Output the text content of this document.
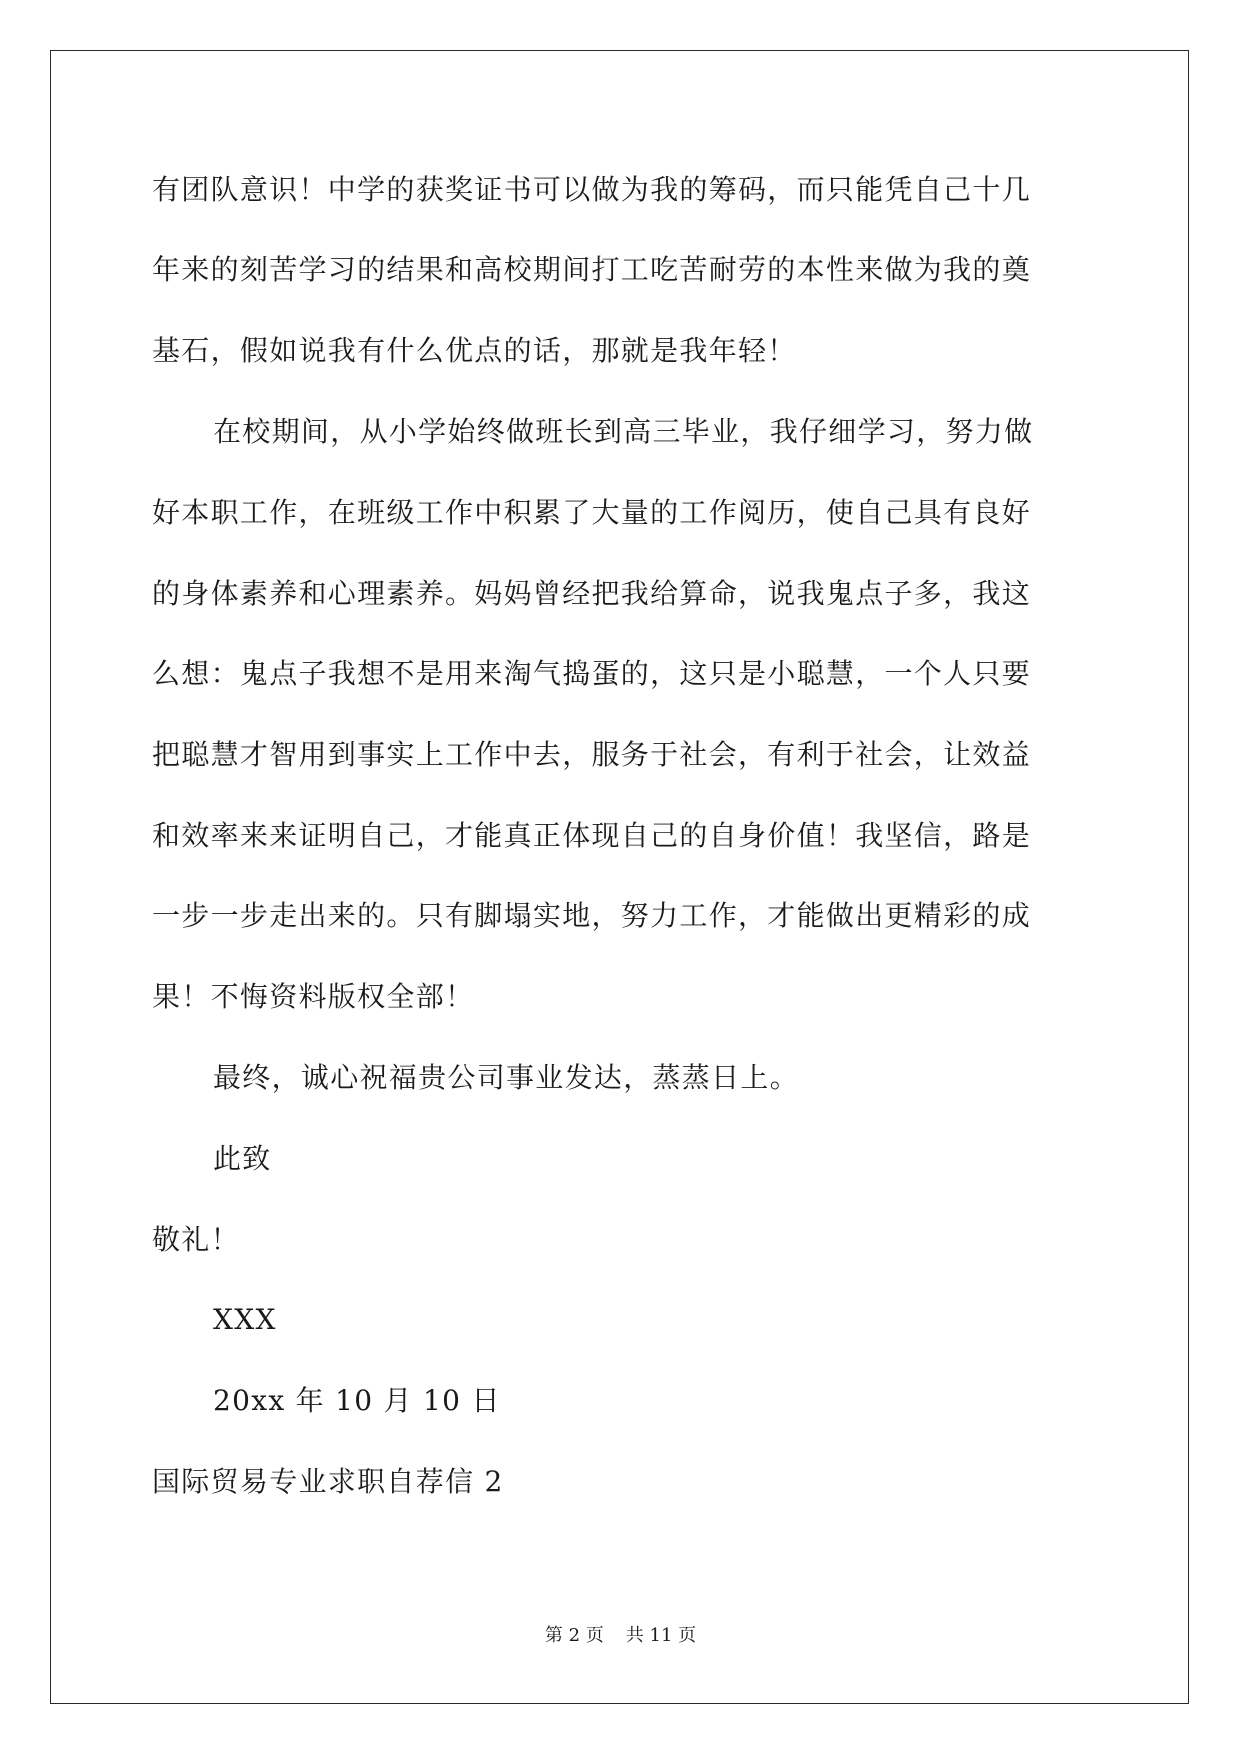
有团队意识！中学的获奖证书可以做为我的筹码，而只能凭自己十几
年来的刻苦学习的结果和高校期间打工吃苦耐劳的本性来做为我的奠
基石，假如说我有什么优点的话，那就是我年轻！
在校期间，从小学始终做班长到高三毕业，我仔细学习，努力做
好本职工作，在班级工作中积累了大量的工作阅历，使自己具有良好
的身体素养和心理素养。妈妈曾经把我给算命，说我鬼点子多，我这
么想：鬼点子我想不是用来淘气捣蛋的，这只是小聪慧，一个人只要
把聪慧才智用到事实上工作中去，服务于社会，有利于社会，让效益
和效率来来证明自己，才能真正体现自己的自身价值！我坚信，路是
一步一步走出来的。只有脚塌实地，努力工作，才能做出更精彩的成
果！不悔资料版权全部！
最终，诚心祝福贵公司事业发达，蒸蒸日上。
此致
敬礼！
XXX
20xx 年 10 月 10 日
国际贸易专业求职自荐信 2
第 2 页 共 11 页
